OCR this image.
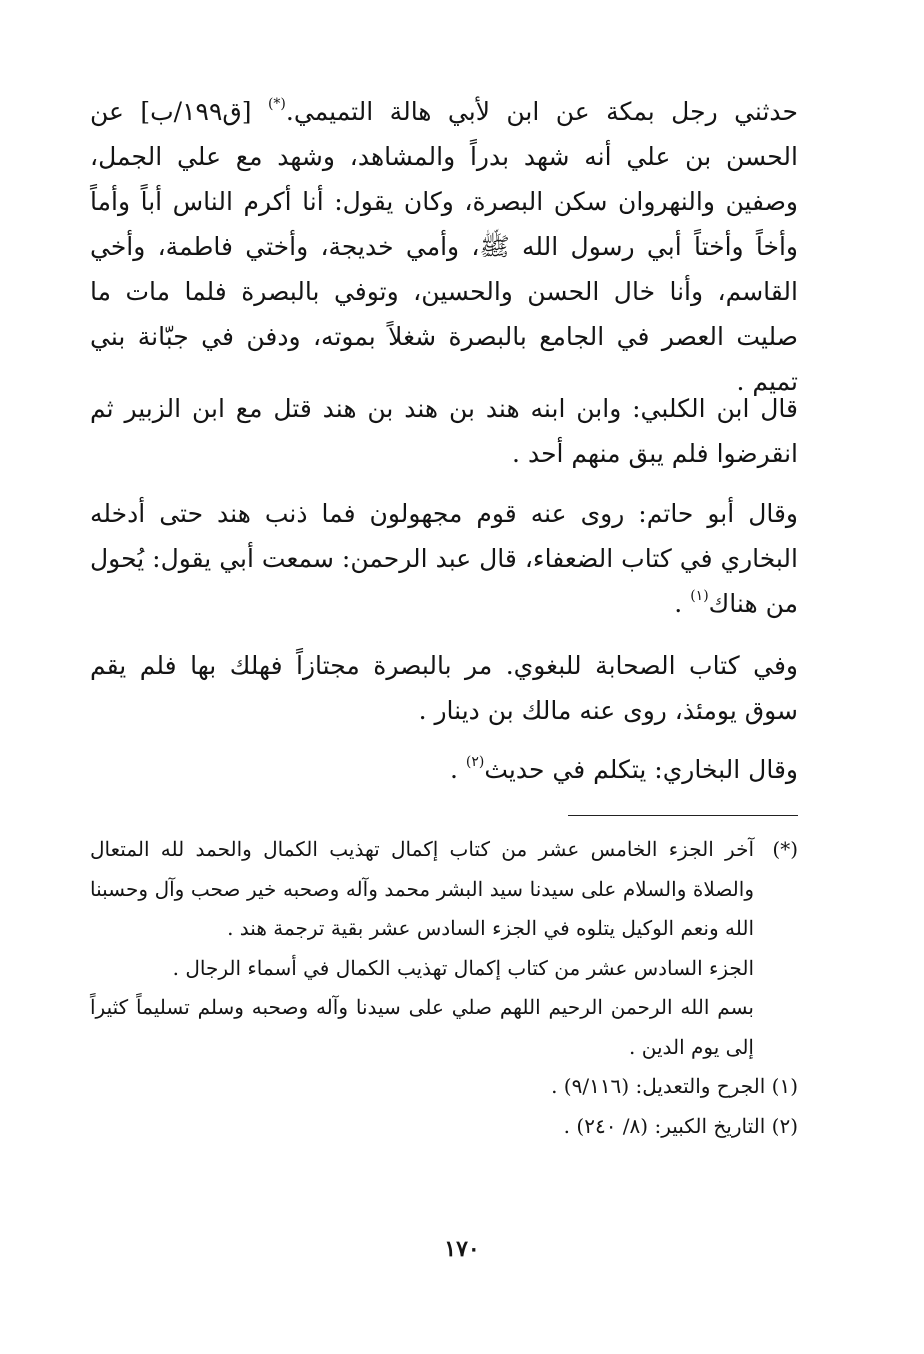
حدثني رجل بمكة عن ابن لأبي هالة التميمي.(*) [ق١٩٩/ب] عن الحسن بن علي أنه شهد بدراً والمشاهد، وشهد مع علي الجمل، وصفين والنهروان سكن البصرة، وكان يقول: أنا أكرم الناس أباً وأماً وأخاً وأختاً أبي رسول الله ﷺ، وأمي خديجة، وأختي فاطمة، وأخي القاسم، وأنا خال الحسن والحسين، وتوفي بالبصرة فلما مات ما صليت العصر في الجامع بالبصرة شغلاً بموته، ودفن في جبّانة بني تميم .

قال ابن الكلبي: وابن ابنه هند بن هند بن هند قتل مع ابن الزبير ثم انقرضوا فلم يبق منهم أحد .

وقال أبو حاتم: روى عنه قوم مجهولون فما ذنب هند حتى أدخله البخاري في كتاب الضعفاء، قال عبد الرحمن: سمعت أبي يقول: يُحول من هناك$^{(١)}$ .

وفي كتاب الصحابة للبغوي. مر بالبصرة مجتازاً فهلك بها فلم يقم سوق يومئذ، روى عنه مالك بن دينار .

وقال البخاري: يتكلم في حديث$^{(٢)}$ .

(*)

آخر الجزء الخامس عشر من كتاب إكمال تهذيب الكمال والحمد لله المتعال والصلاة والسلام على سيدنا سيد البشر محمد وآله وصحبه خير صحب وآل وحسبنا الله ونعم الوكيل يتلوه في الجزء السادس عشر بقية ترجمة هند .

الجزء السادس عشر من كتاب إكمال تهذيب الكمال في أسماء الرجال .

بسم الله الرحمن الرحيم اللهم صلي على سيدنا وآله وصحبه وسلم تسليماً كثيراً إلى يوم الدين .

(١) الجرح والتعديل: (٩/١١٦) .

(٢) التاريخ الكبير: (٨/ ٢٤٠) .

١٧٠
